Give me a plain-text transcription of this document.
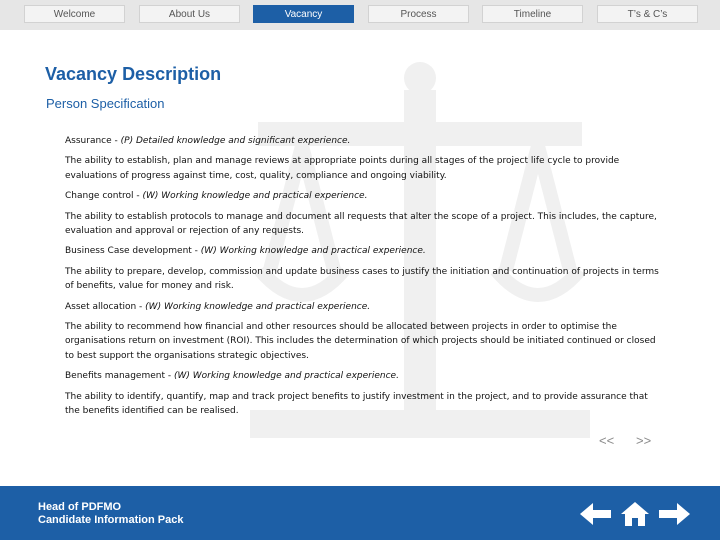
Welcome	About Us	Vacancy	Process	Timeline	T’s & C’s
Vacancy Description
Person Specification
Assurance - (P) Detailed knowledge and significant experience.

The ability to establish, plan and manage reviews at appropriate points during all stages of the project life cycle to provide evaluations of progress against time, cost, quality, compliance and ongoing viability.

Change control - (W) Working knowledge and practical experience.

The ability to establish protocols to manage and document all requests that alter the scope of a project. This includes, the capture, evaluation and approval or rejection of any requests.

Business Case development - (W) Working knowledge and practical experience.

The ability to prepare, develop, commission and update business cases to justify the initiation and continuation of projects in terms of benefits, value for money and risk.

Asset allocation - (W) Working knowledge and practical experience.

The ability to recommend how financial and other resources should be allocated between projects in order to optimise the organisations return on investment (ROI). This includes the determination of which projects should be initiated continued or closed to best support the organisations strategic objectives.

Benefits management - (W) Working knowledge and practical experience.

The ability to identify, quantify, map and track project benefits to justify investment in the project, and to provide assurance that the benefits identified can be realised.

<< >>
Head of PDFMO
Candidate Information Pack
